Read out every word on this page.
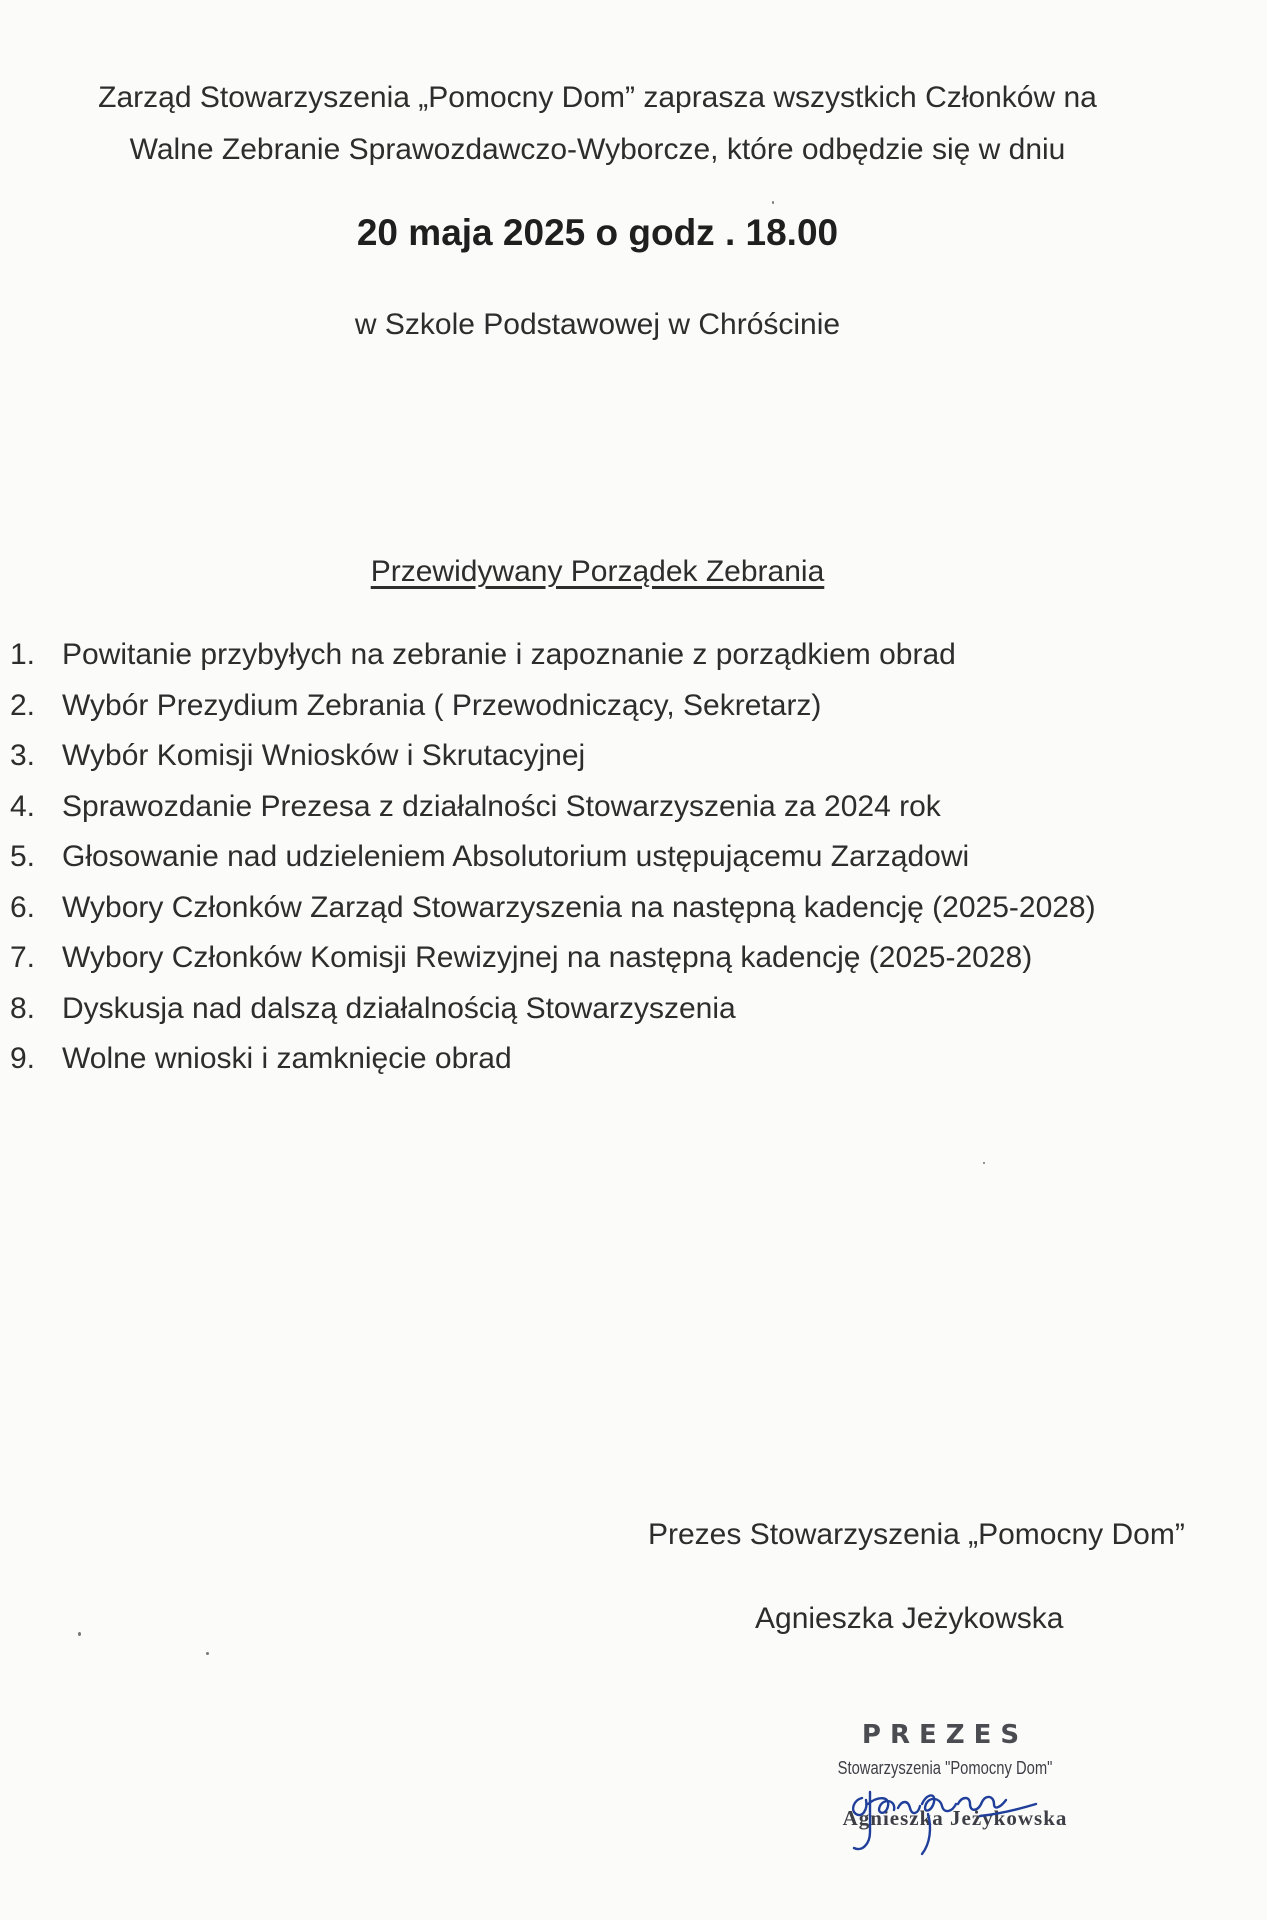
Zarząd Stowarzyszenia „Pomocny Dom” zaprasza wszystkich Członków na
Walne Zebranie Sprawozdawczo-Wyborcze, które odbędzie się w dniu
20 maja 2025 o godz . 18.00
w Szkole Podstawowej w Chróścinie
Przewidywany Porządek Zebrania
1. Powitanie przybyłych na zebranie i zapoznanie z porządkiem obrad
2. Wybór Prezydium Zebrania ( Przewodniczący, Sekretarz)
3. Wybór Komisji Wniosków i Skrutacyjnej
4. Sprawozdanie Prezesa z działalności Stowarzyszenia za 2024 rok
5. Głosowanie nad udzieleniem Absolutorium ustępującemu Zarządowi
6. Wybory Członków Zarząd Stowarzyszenia na następną kadencję (2025-2028)
7. Wybory Członków Komisji Rewizyjnej na następną kadencję (2025-2028)
8. Dyskusja nad dalszą działalnością Stowarzyszenia
9. Wolne wnioski i zamknięcie obrad
Prezes Stowarzyszenia „Pomocny Dom”
Agnieszka Jeżykowska
PREZES
Stowarzyszenia "Pomocny Dom"
Agnieszka Jeżykowska
